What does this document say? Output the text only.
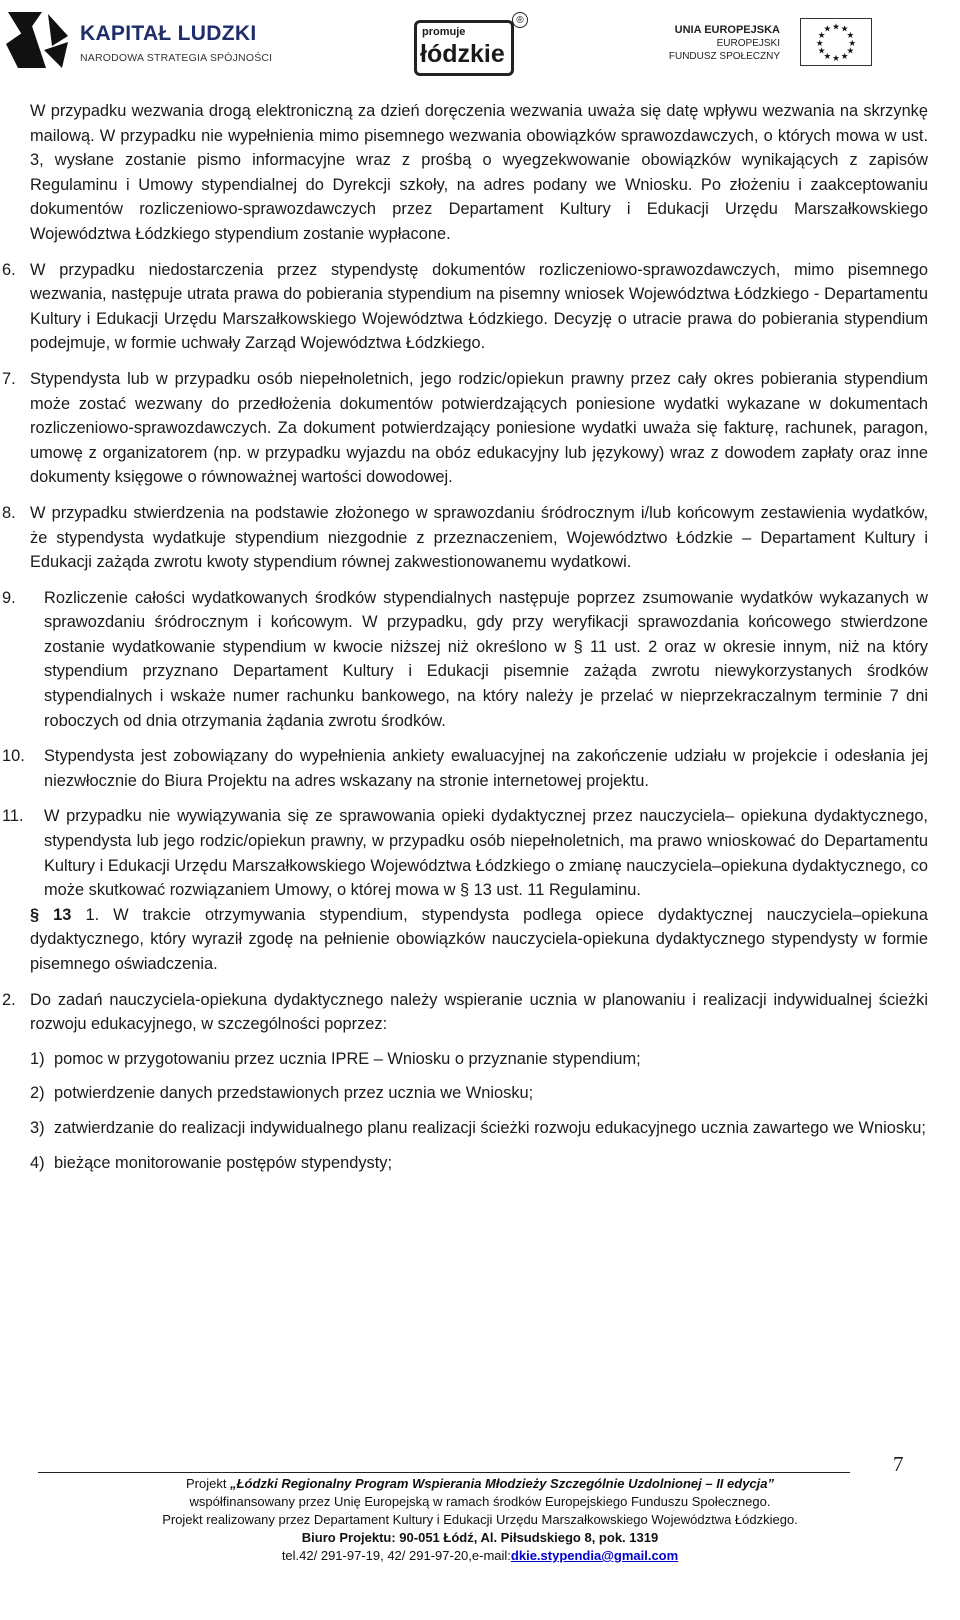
KAPITAŁ LUDZKI
NARODOWA STRATEGIA SPÓJNOŚCI
promuje
łódzkie
®
UNIA EUROPEJSKA
EUROPEJSKI
FUNDUSZ SPOŁECZNY
★ ★
★
★
★
★
★
★
★
★
★
★

W przypadku wezwania drogą elektroniczną za dzień doręczenia wezwania uważa się datę wpływu wezwania na skrzynkę mailową. W przypadku nie wypełnienia mimo pisemnego wezwania obowiązków sprawozdawczych, o których mowa w ust. 3, wysłane zostanie pismo informacyjne wraz z prośbą o wyegzekwowanie obowiązków wynikających z zapisów Regulaminu i Umowy stypendialnej do Dyrekcji szkoły, na adres podany we Wniosku. Po złożeniu i zaakceptowaniu dokumentów rozliczeniowo-sprawozdawczych przez Departament Kultury i Edukacji Urzędu Marszałkowskiego Województwa Łódzkiego stypendium zostanie wypłacone.

6. W przypadku niedostarczenia przez stypendystę dokumentów rozliczeniowo-sprawozdawczych, mimo pisemnego wezwania, następuje utrata prawa do pobierania stypendium na pisemny wniosek Województwa Łódzkiego - Departamentu Kultury i Edukacji Urzędu Marszałkowskiego Województwa Łódzkiego. Decyzję o utracie prawa do pobierania stypendium podejmuje, w formie uchwały Zarząd Województwa Łódzkiego.
7. Stypendysta lub w przypadku osób niepełnoletnich, jego rodzic/opiekun prawny przez cały okres pobierania stypendium może zostać wezwany do przedłożenia dokumentów potwierdzających poniesione wydatki wykazane w dokumentach rozliczeniowo-sprawozdawczych. Za dokument potwierdzający poniesione wydatki uważa się fakturę, rachunek, paragon, umowę z organizatorem (np. w przypadku wyjazdu na obóz edukacyjny lub językowy) wraz z dowodem zapłaty oraz inne dokumenty księgowe o równoważnej wartości dowodowej.
8. W przypadku stwierdzenia na podstawie złożonego w sprawozdaniu śródrocznym i/lub końcowym zestawienia wydatków, że stypendysta wydatkuje stypendium niezgodnie z przeznaczeniem, Województwo Łódzkie – Departament Kultury i Edukacji zażąda zwrotu kwoty stypendium równej zakwestionowanemu wydatkowi.
9.	Rozliczenie całości wydatkowanych środków stypendialnych następuje poprzez zsumowanie wydatków wykazanych w sprawozdaniu śródrocznym i końcowym. W przypadku, gdy przy weryfikacji sprawozdania końcowego stwierdzone zostanie wydatkowanie stypendium w kwocie niższej niż określono w § 11 ust. 2 oraz w okresie innym, niż na który stypendium przyznano Departament Kultury i Edukacji pisemnie zażąda zwrotu niewykorzystanych środków stypendialnych i wskaże numer rachunku bankowego, na który należy je przelać w nieprzekraczalnym terminie 7 dni roboczych od dnia otrzymania żądania zwrotu środków.
10.	Stypendysta jest zobowiązany do wypełnienia ankiety ewaluacyjnej na zakończenie udziału w projekcie i odesłania jej niezwłocznie do Biura Projektu na adres wskazany na stronie internetowej projektu.
11.	W przypadku nie wywiązywania się ze sprawowania opieki dydaktycznej przez nauczyciela– opiekuna dydaktycznego, stypendysta lub jego rodzic/opiekun prawny, w przypadku osób niepełnoletnich, ma prawo wnioskować do Departamentu Kultury i Edukacji Urzędu Marszałkowskiego Województwa Łódzkiego o zmianę nauczyciela–opiekuna dydaktycznego, co może skutkować rozwiązaniem Umowy, o której mowa w § 13 ust. 11 Regulaminu.

§ 13 1. W trakcie otrzymywania stypendium, stypendysta podlega opiece dydaktycznej nauczyciela–opiekuna dydaktycznego, który wyraził zgodę na pełnienie obowiązków nauczyciela-opiekuna dydaktycznego stypendysty w formie pisemnego oświadczenia.

2. Do zadań nauczyciela-opiekuna dydaktycznego należy wspieranie ucznia w planowaniu i realizacji indywidualnej ścieżki rozwoju edukacyjnego, w szczególności poprzez:
1) pomoc w przygotowaniu przez ucznia IPRE – Wniosku o przyznanie stypendium;
2) potwierdzenie danych przedstawionych przez ucznia we Wniosku;
3) zatwierdzanie do realizacji indywidualnego planu realizacji ścieżki rozwoju edukacyjnego ucznia zawartego we Wniosku;
4) bieżące monitorowanie postępów stypendysty;
7
Projekt „Łódzki Regionalny Program Wspierania Młodzieży Szczególnie Uzdolnionej – II edycja”
współfinansowany przez Unię Europejską w ramach środków Europejskiego Funduszu Społecznego.
Projekt realizowany przez Departament Kultury i Edukacji Urzędu Marszałkowskiego Województwa Łódzkiego.
Biuro Projektu: 90-051 Łódź, Al. Piłsudskiego 8, pok. 1319
tel.42/ 291-97-19, 42/ 291-97-20,e-mail:dkie.stypendia@gmail.com
